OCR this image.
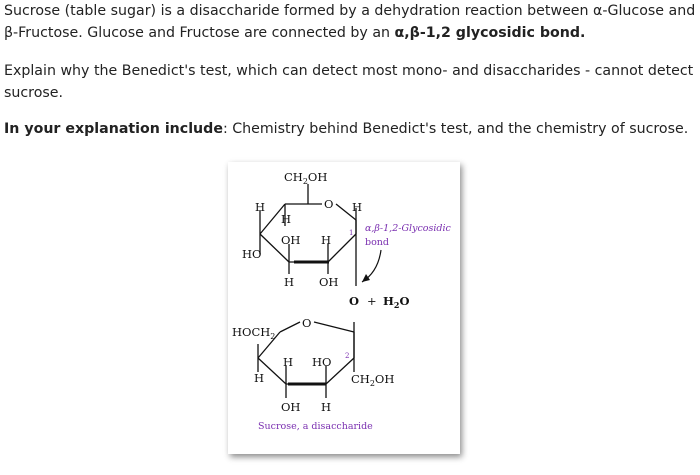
Sucrose (table sugar) is a disaccharide formed by a dehydration reaction between α-Glucose and β-Fructose. Glucose and Fructose are connected by an α,β-1,2 glycosidic bond.

Explain why the Benedict's test, which can detect most mono- and disaccharides - cannot detect sucrose.

In your explanation include: Chemistry behind Benedict's test, and the chemistry of sucrose.

$CH_2OH$
O
H
H
H
OH H
HO
H OH
1 α,β-1,2-Glycosidic
bond
$O + H_2O$
O
$HOCH_2$
H HO
H	$CH_2OH$
OH H
2
Sucrose, a disaccharide
